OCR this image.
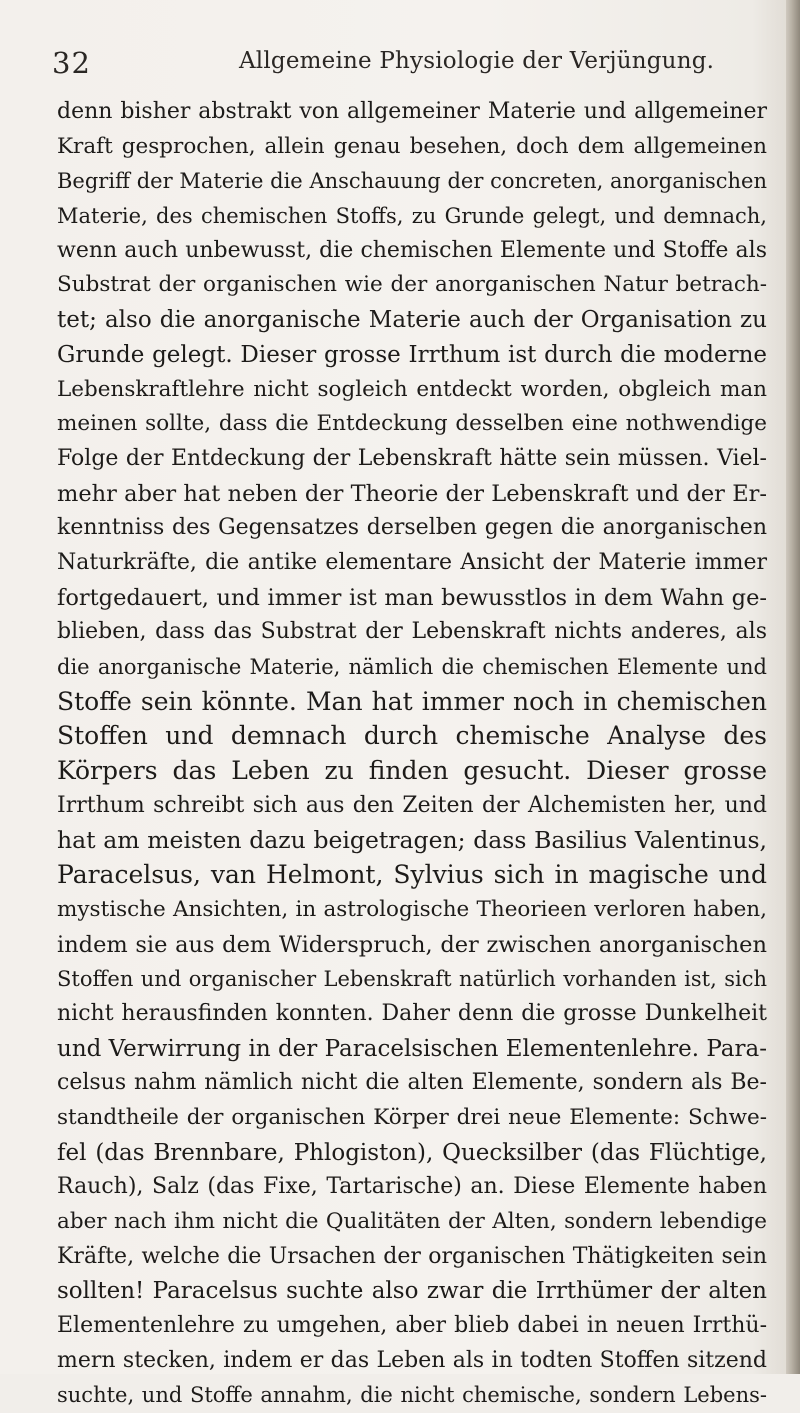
32	Allgemeine Physiologie der Verjüngung.
denn bisher abstrakt von allgemeiner Materie und allgemeiner
Kraft gesprochen, allein genau besehen, doch dem allgemeinen
Begriff der Materie die Anschauung der concreten, anorganischen
Materie, des chemischen Stoffs, zu Grunde gelegt, und demnach,
wenn auch unbewusst, die chemischen Elemente und Stoffe als
Substrat der organischen wie der anorganischen Natur betrach-
tet; also die anorganische Materie auch der Organisation zu
Grunde gelegt. Dieser grosse Irrthum ist durch die moderne
Lebenskraftlehre nicht sogleich entdeckt worden, obgleich man
meinen sollte, dass die Entdeckung desselben eine nothwendige
Folge der Entdeckung der Lebenskraft hätte sein müssen. Viel-
mehr aber hat neben der Theorie der Lebenskraft und der Er-
kenntniss des Gegensatzes derselben gegen die anorganischen
Naturkräfte, die antike elementare Ansicht der Materie immer
fortgedauert, und immer ist man bewusstlos in dem Wahn ge-
blieben, dass das Substrat der Lebenskraft nichts anderes, als
die anorganische Materie, nämlich die chemischen Elemente und
Stoffe sein könnte. Man hat immer noch in chemischen
Stoffen und demnach durch chemische Analyse des
Körpers das Leben zu finden gesucht. Dieser grosse
Irrthum schreibt sich aus den Zeiten der Alchemisten her, und
hat am meisten dazu beigetragen; dass Basilius Valentinus,
Paracelsus, van Helmont, Sylvius sich in magische und
mystische Ansichten, in astrologische Theorieen verloren haben,
indem sie aus dem Widerspruch, der zwischen anorganischen
Stoffen und organischer Lebenskraft natürlich vorhanden ist, sich
nicht herausfinden konnten. Daher denn die grosse Dunkelheit
und Verwirrung in der Paracelsischen Elementenlehre. Para-
celsus nahm nämlich nicht die alten Elemente, sondern als Be-
standtheile der organischen Körper drei neue Elemente: Schwe-
fel (das Brennbare, Phlogiston), Quecksilber (das Flüchtige,
Rauch), Salz (das Fixe, Tartarische) an. Diese Elemente haben
aber nach ihm nicht die Qualitäten der Alten, sondern lebendige
Kräfte, welche die Ursachen der organischen Thätigkeiten sein
sollten! Paracelsus suchte also zwar die Irrthümer der alten
Elementenlehre zu umgehen, aber blieb dabei in neuen Irrthü-
mern stecken, indem er das Leben als in todten Stoffen sitzend
suchte, und Stoffe annahm, die nicht chemische, sondern Lebens-
